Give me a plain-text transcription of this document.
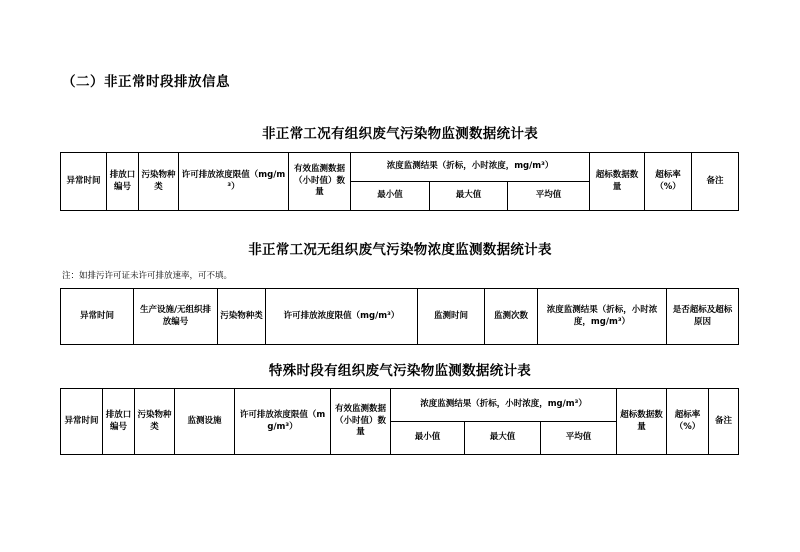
（二）非正常时段排放信息
非正常工况有组织废气污染物监测数据统计表
异常时间	排放口编号	污染物种类	许可排放浓度限值（mg/m³）	有效监测数据（小时值）数量	浓度监测结果（折标，小时浓度，mg/m³）			超标数据数量	超标率（%）	备注
					最小值	最大值	平均值			
非正常工况无组织废气污染物浓度监测数据统计表
注：如排污许可证未许可排放速率，可不填。
异常时间	生产设施/无组织排放编号	污染物种类	许可排放浓度限值（mg/m³）	监测时间	监测次数	浓度监测结果（折标，小时浓度，mg/m³）	是否超标及超标原因
特殊时段有组织废气污染物监测数据统计表
异常时间	排放口编号	污染物种类	监测设施	许可排放浓度限值（mg/m³）	有效监测数据（小时值）数量	浓度监测结果（折标，小时浓度，mg/m³）			超标数据数量	超标率（%）	备注
						最小值	最大值	平均值			
